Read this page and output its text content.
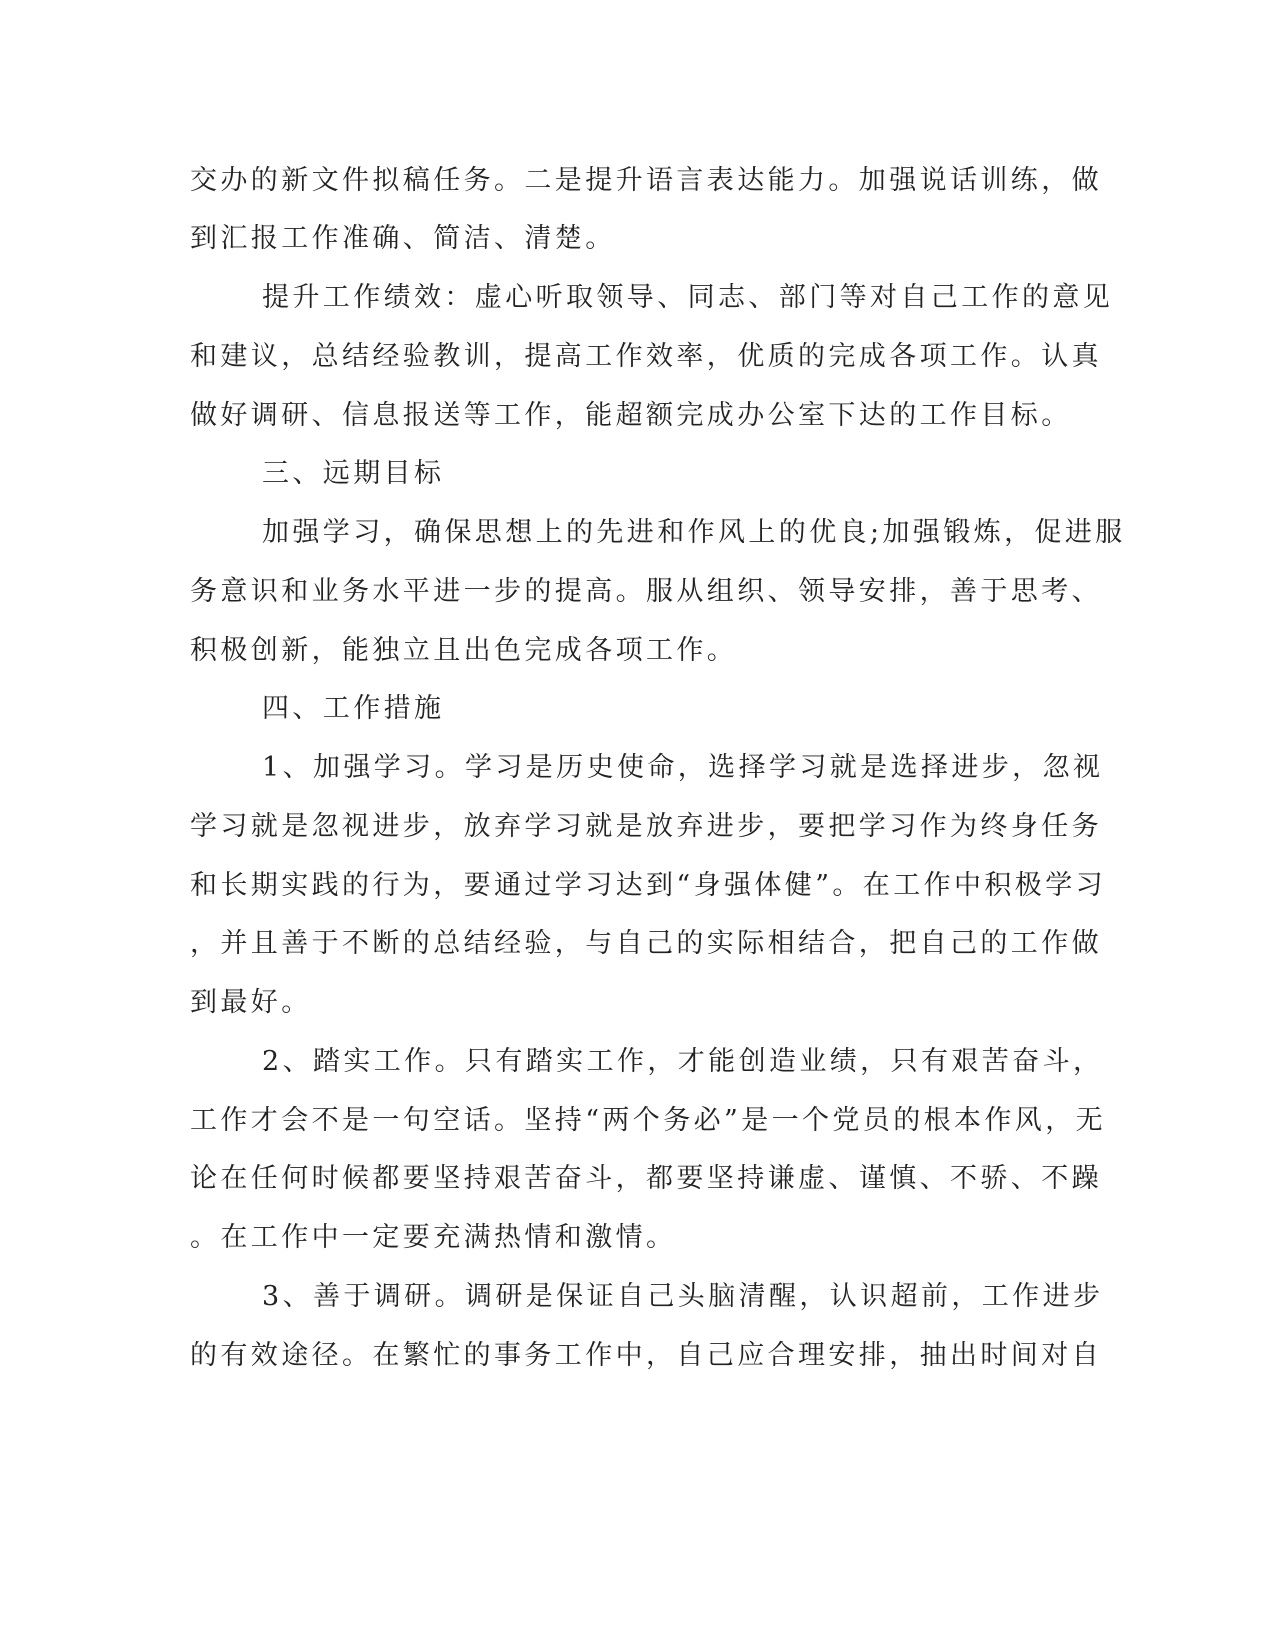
交办的新文件拟稿任务。二是提升语言表达能力。加强说话训练，做
到汇报工作准确、简洁、清楚。
提升工作绩效：虚心听取领导、同志、部门等对自己工作的意见
和建议，总结经验教训，提高工作效率，优质的完成各项工作。认真
做好调研、信息报送等工作，能超额完成办公室下达的工作目标。
三、远期目标
加强学习，确保思想上的先进和作风上的优良;加强锻炼，促进服
务意识和业务水平进一步的提高。服从组织、领导安排，善于思考、
积极创新，能独立且出色完成各项工作。
四、工作措施
1、加强学习。学习是历史使命，选择学习就是选择进步，忽视
学习就是忽视进步，放弃学习就是放弃进步，要把学习作为终身任务
和长期实践的行为，要通过学习达到“身强体健”。在工作中积极学习
，并且善于不断的总结经验，与自己的实际相结合，把自己的工作做
到最好。
2、踏实工作。只有踏实工作，才能创造业绩，只有艰苦奋斗，
工作才会不是一句空话。坚持“两个务必”是一个党员的根本作风，无
论在任何时候都要坚持艰苦奋斗，都要坚持谦虚、谨慎、不骄、不躁
。在工作中一定要充满热情和激情。
3、善于调研。调研是保证自己头脑清醒，认识超前，工作进步
的有效途径。在繁忙的事务工作中，自己应合理安排，抽出时间对自
